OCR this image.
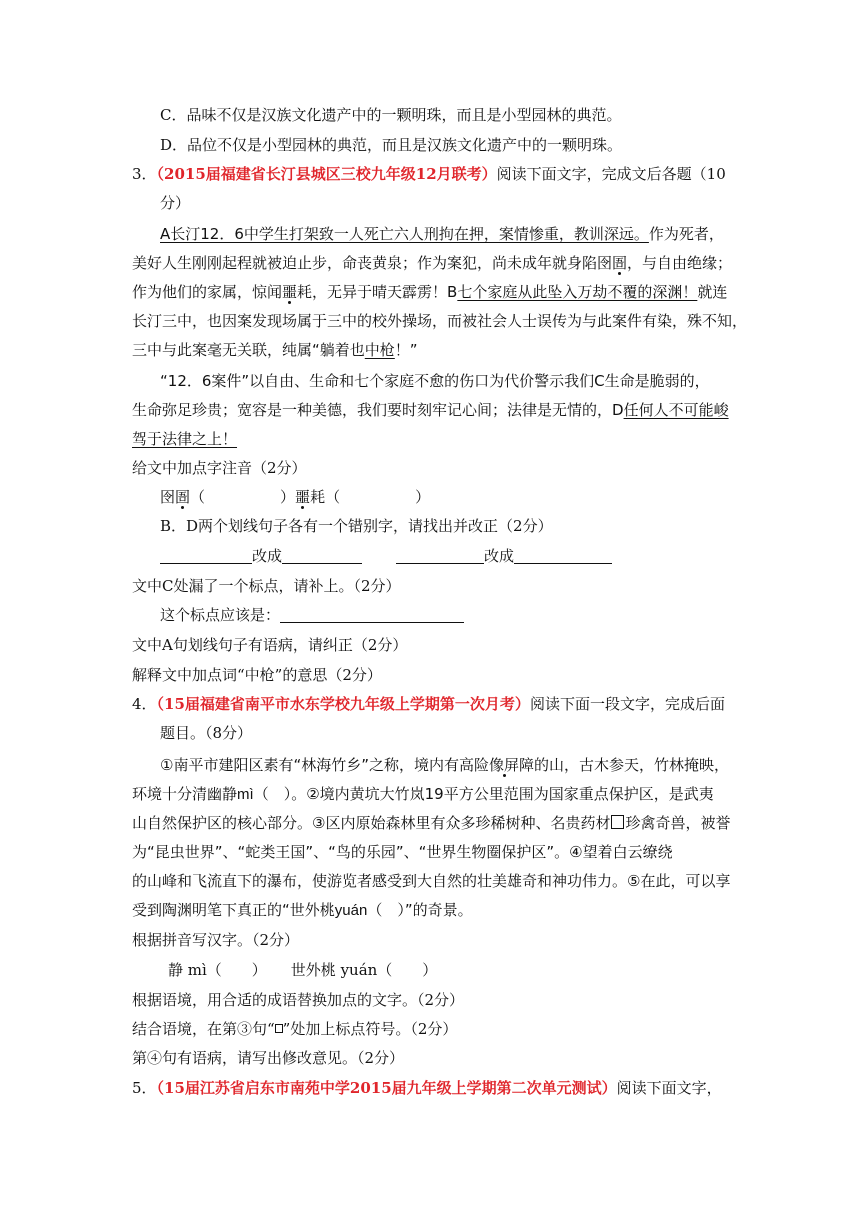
C．品味不仅是汉族文化遗产中的一颗明珠，而且是小型园林的典范。
D．品位不仅是小型园林的典范，而且是汉族文化遗产中的一颗明珠。
3．（2015届福建省长汀县城区三校九年级12月联考）阅读下面文字，完成文后各题（10
分）
A长汀12．6中学生打架致一人死亡六人刑拘在押，案情惨重，教训深远。作为死者，
美好人生刚刚起程就被迫止步，命丧黄泉；作为案犯，尚未成年就身陷囹圄，与自由绝缘；
作为他们的家属，惊闻噩耗，无异于晴天霹雳！B七个家庭从此坠入万劫不覆的深渊！就连
长汀三中，也因案发现场属于三中的校外操场，而被社会人士误传为与此案件有染，殊不知，
三中与此案毫无关联，纯属“躺着也中枪！”
“12．6案件”以自由、生命和七个家庭不愈的伤口为代价警示我们C生命是脆弱的，
生命弥足珍贵；宽容是一种美德，我们要时刻牢记心间；法律是无情的，D任何人不可能峻
驾于法律之上！
给文中加点字注音（2分）
囹圄（　　　　　）噩耗（　　　　　）
B．D两个划线句子各有一个错别字，请找出并改正（2分）
改成	改成
文中C处漏了一个标点，请补上。（2分）
这个标点应该是：
文中A句划线句子有语病，请纠正（2分）
解释文中加点词“中枪”的意思（2分）
4．（15届福建省南平市水东学校九年级上学期第一次月考）阅读下面一段文字，完成后面
题目。（8分）
①南平市建阳区素有“林海竹乡”之称，境内有高险像屏障的山，古木参天，竹林掩映，
环境十分清幽静mì（　）。②境内黄坑大竹岚19平方公里范围为国家重点保护区，是武夷
山自然保护区的核心部分。③区内原始森林里有众多珍稀树种、名贵药材 珍禽奇兽，被誉
为“昆虫世界”、“蛇类王国”、“鸟的乐园”、“世界生物圈保护区”。④望着白云缭绕
的山峰和飞流直下的瀑布，使游览者感受到大自然的壮美雄奇和神功伟力。⑤在此，可以享
受到陶渊明笔下真正的“世外桃yuán（　）”的奇景。
根据拼音写汉字。（2分）
静 mì（　　） 世外桃 yuán（　　）
根据语境，用合适的成语替换加点的文字。（2分）
结合语境，在第③句“ ”处加上标点符号。（2分）
第④句有语病，请写出修改意见。（2分）
5．（15届江苏省启东市南苑中学2015届九年级上学期第二次单元测试）阅读下面文字，
